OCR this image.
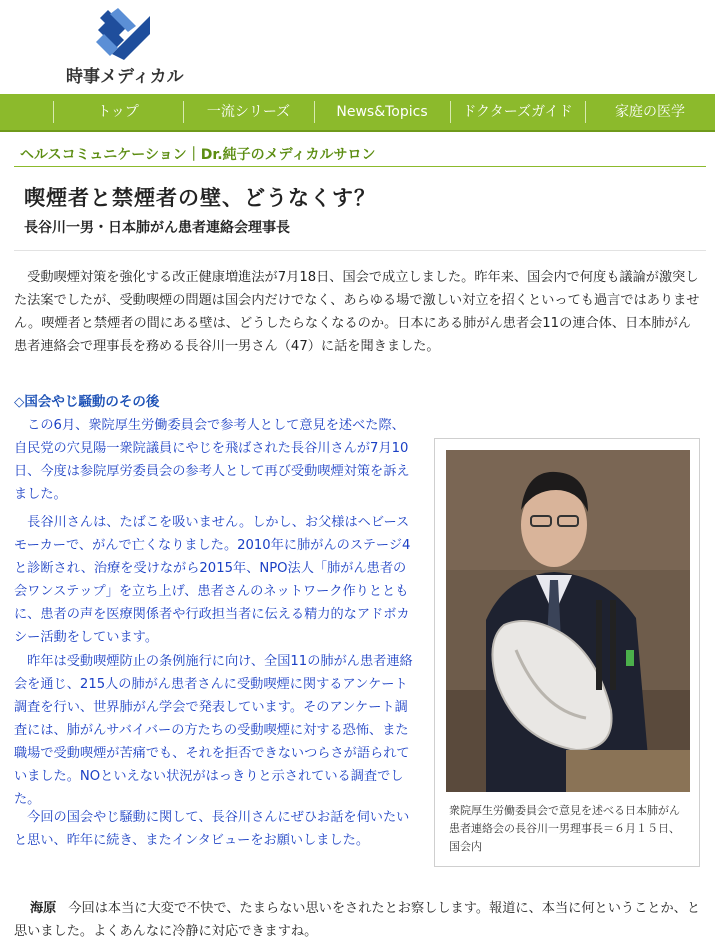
時事メディカル
トップ	一流シリーズ	News&Topics	ドクターズガイド	家庭の医学
ヘルスコミュニケーション｜Dr.純子のメディカルサロン
喫煙者と禁煙者の壁、どうなくす？
長谷川一男・日本肺がん患者連絡会理事長

　受動喫煙対策を強化する改正健康増進法が7月18日、国会で成立しました。昨年来、国会内で何度も議論が激突した法案でしたが、受動喫煙の問題は国会内だけでなく、あらゆる場で激しい対立を招くといっても過言ではありません。喫煙者と禁煙者の間にある壁は、どうしたらなくなるのか。日本にある肺がん患者会11の連合体、日本肺がん患者連絡会で理事長を務める長谷川一男さん（47）に話を聞きました。

◇国会やじ騒動のその後

　この6月、衆院厚生労働委員会で参考人として意見を述べた際、自民党の穴見陽一衆院議員にやじを飛ばされた長谷川さんが7月10日、今度は参院厚労委員会の参考人として再び受動喫煙対策を訴えました。

　長谷川さんは、たばこを吸いません。しかし、お父様はヘビースモーカーで、がんで亡くなりました。2010年に肺がんのステージ4と診断され、治療を受けながら2015年、NPO法人「肺がん患者の会ワンステップ」を立ち上げ、患者さんのネットワーク作りとともに、患者の声を医療関係者や行政担当者に伝える精力的なアドボカシー活動をしています。

　昨年は受動喫煙防止の条例施行に向け、全国11の肺がん患者連絡会を通じ、215人の肺がん患者さんに受動喫煙に関するアンケート調査を行い、世界肺がん学会で発表しています。そのアンケート調査には、肺がんサバイバーの方たちの受動喫煙に対する恐怖、また職場で受動喫煙が苦痛でも、それを拒否できないつらさが語られていました。NOといえない状況がはっきりと示されている調査でした。

　今回の国会やじ騒動に関して、長谷川さんにぜひお話を伺いたいと思い、昨年に続き、またインタビューをお願いしました。

衆院厚生労働委員会で意見を述べる日本肺がん患者連絡会の長谷川一男理事長＝６月１５日、国会内

海原 今回は本当に大変で不快で、たまらない思いをされたとお察しします。報道に、本当に何ということか、と思いました。よくあんなに冷静に対応できますね。
